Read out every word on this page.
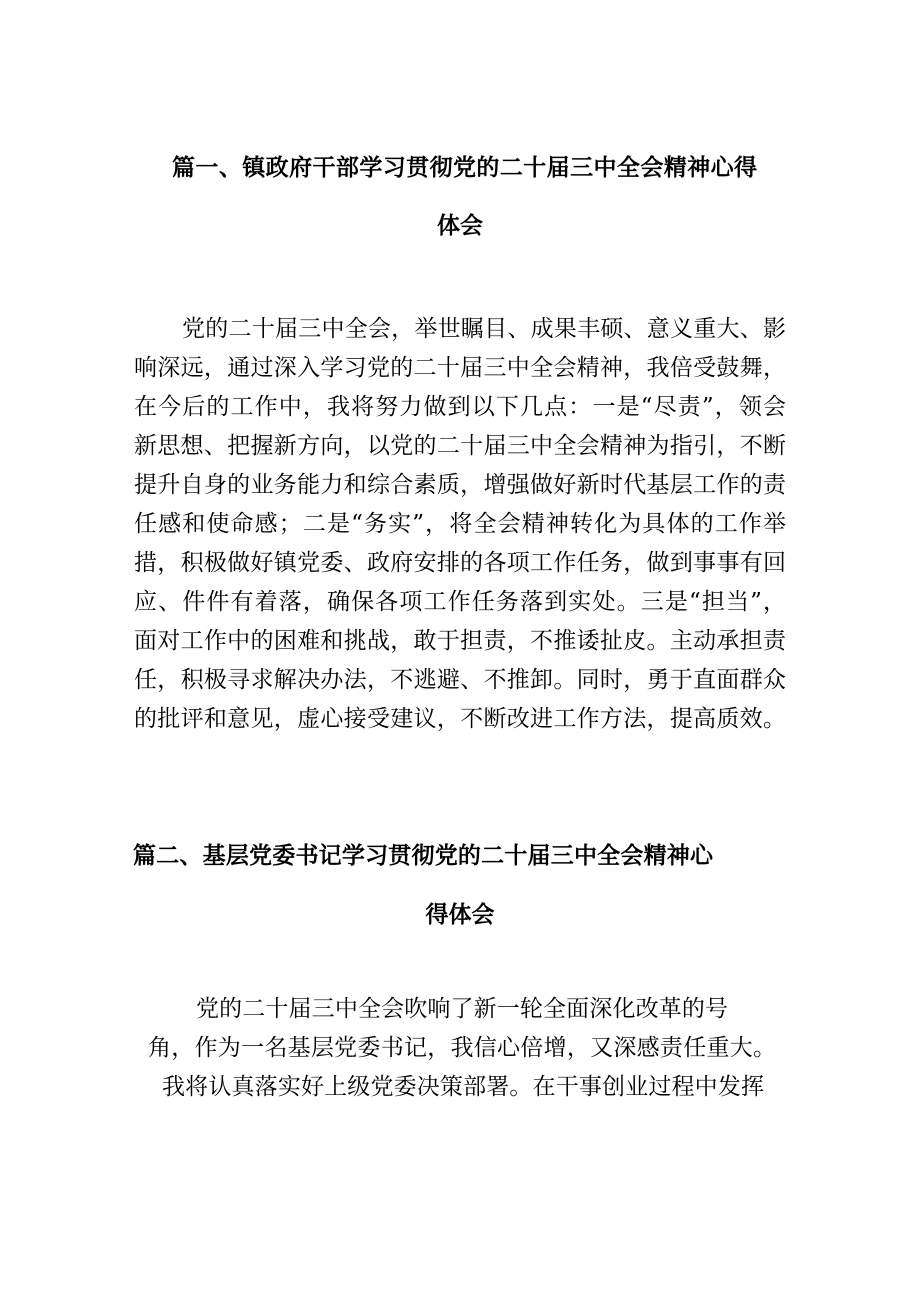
篇一、镇政府干部学习贯彻党的二十届三中全会精神心得
体会
党的二十届三中全会，举世瞩目、成果丰硕、意义重大、影
响深远，通过深入学习党的二十届三中全会精神，我倍受鼓舞，
在今后的工作中，我将努力做到以下几点：一是“尽责”，领会
新思想、把握新方向，以党的二十届三中全会精神为指引，不断
提升自身的业务能力和综合素质，增强做好新时代基层工作的责
任感和使命感；二是“务实”，将全会精神转化为具体的工作举
措，积极做好镇党委、政府安排的各项工作任务，做到事事有回
应、件件有着落，确保各项工作任务落到实处。三是“担当”，
面对工作中的困难和挑战，敢于担责，不推诿扯皮。主动承担责
任，积极寻求解决办法，不逃避、不推卸。同时，勇于直面群众
的批评和意见，虚心接受建议，不断改进工作方法，提高质效。
篇二、基层党委书记学习贯彻党的二十届三中全会精神心
得体会
党的二十届三中全会吹响了新一轮全面深化改革的号
角，作为一名基层党委书记，我信心倍增，又深感责任重大。
我将认真落实好上级党委决策部署。在干事创业过程中发挥
